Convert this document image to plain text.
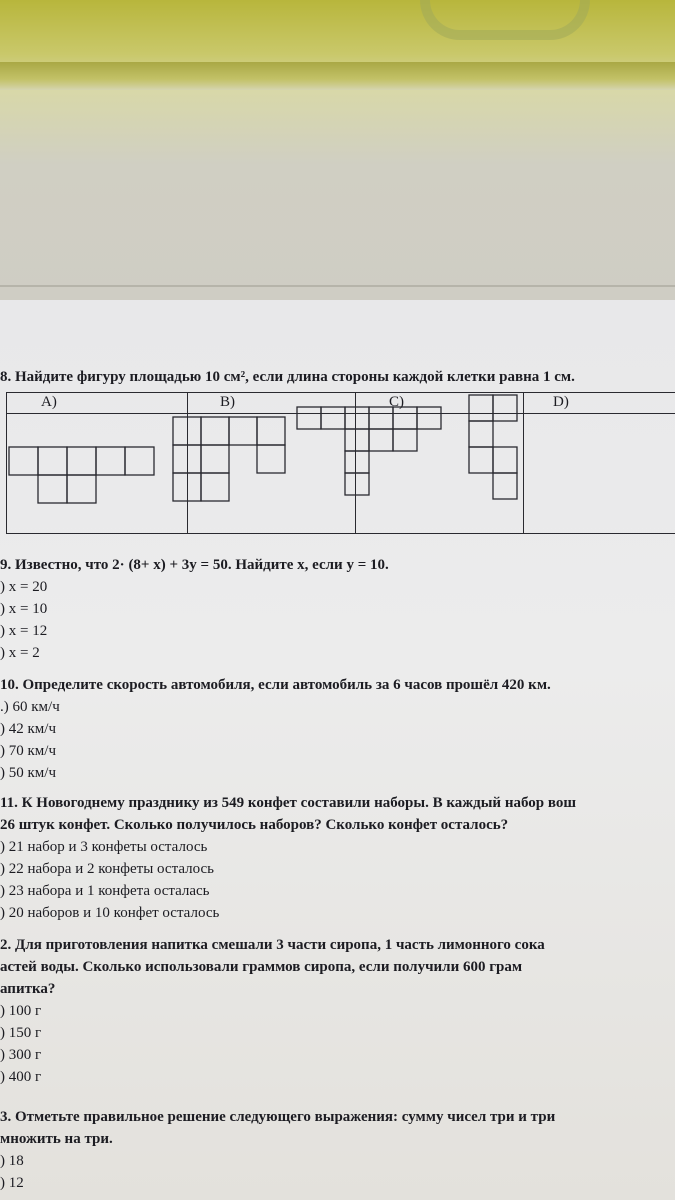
8. Найдите фигуру площадью 10 см², если длина стороны каждой клетки равна 1 см.
A)	B)	C)	D)

9. Известно, что 2· (8+ x) + 3y = 50. Найдите x, если y = 10.
) x = 20
) x = 10
) x = 12
) x = 2
10. Определите скорость автомобиля, если автомобиль за 6 часов прошёл 420 км.
.) 60 км/ч
) 42 км/ч
) 70 км/ч
) 50 км/ч
11. К Новогоднему празднику из 549 конфет составили наборы. В каждый набор вош
26 штук конфет. Сколько получилось наборов? Сколько конфет осталось?
) 21 набор и 3 конфеты осталось
) 22 набора и 2 конфеты осталось
) 23 набора и 1 конфета осталась
) 20 наборов и 10 конфет осталось
2. Для приготовления напитка смешали 3 части сиропа, 1 часть лимонного сока
астей воды. Сколько использовали граммов сиропа, если получили 600 грам
апитка?
) 100 г
) 150 г
) 300 г
) 400 г
3. Отметьте правильное решение следующего выражения: сумму чисел три и три
множить на три.
) 18
) 12
